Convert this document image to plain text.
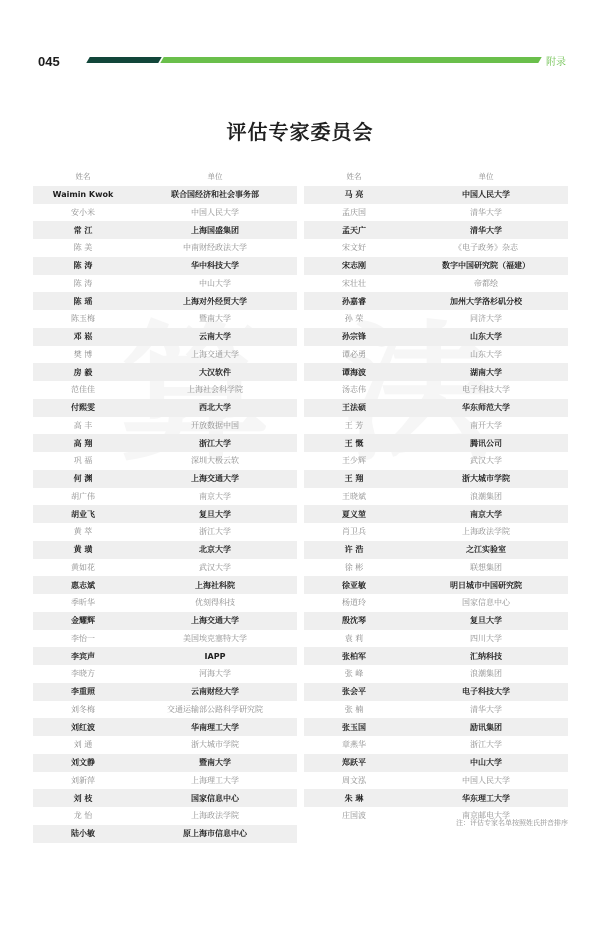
045	附录
评估专家委员会
姓名	单位
Waimin Kwok	联合国经济和社会事务部
安小米	中国人民大学
常 江	上海国盛集团
陈 美	中南财经政法大学
陈 涛	华中科技大学
陈 涛	中山大学
陈 瑶	上海对外经贸大学
陈玉梅	暨南大学
邓 崧	云南大学
樊 博	上海交通大学
房 毅	大汉软件
范佳佳	上海社会科学院
付熙雯	西北大学
高 丰	开放数据中国
高 翔	浙江大学
巩 福	深圳大极云软
何 渊	上海交通大学
胡广伟	南京大学
胡业飞	复旦大学
黄 萃	浙江大学
黄 璜	北京大学
黄如花	武汉大学
惠志斌	上海社科院
季昕华	优刻得科技
金耀辉	上海交通大学
李怡一	美国埃克塞特大学
李宾声	IAPP
李晓方	河海大学
李重照	云南财经大学
刘冬梅	交通运输部公路科学研究院
刘红波	华南理工大学
刘 通	浙大城市学院
刘文静	暨南大学
刘新萍	上海理工大学
刘 枝	国家信息中心
龙 怡	上海政法学院
陆小敏	原上海市信息中心
姓名	单位
马 亮	中国人民大学
孟庆国	清华大学
孟天广	清华大学
宋文好	《电子政务》杂志
宋志刚	数字中国研究院（福建）
宋壮壮	帝都绘
孙嘉睿	加州大学洛杉矶分校
孙 荣	同济大学
孙宗锋	山东大学
谭必勇	山东大学
谭海波	湖南大学
汤志伟	电子科技大学
王法硕	华东师范大学
王 芳	南开大学
王 慨	腾讯公司
王少辉	武汉大学
王 翔	浙大城市学院
王晓斌	浪潮集团
夏义堃	南京大学
肖卫兵	上海政法学院
许 浩	之江实验室
徐 彬	联想集团
徐亚敏	明日城市中国研究院
杨道玲	国家信息中心
殷沈琴	复旦大学
袁 莉	四川大学
张柏军	汇纳科技
张 峰	浪潮集团
张会平	电子科技大学
张 楠	清华大学
张玉国	励讯集团
章燕华	浙江大学
郑跃平	中山大学
周文泓	中国人民大学
朱 琳	华东理工大学
庄国波	南京邮电大学
注：评估专家名单按照姓氏拼音排序
